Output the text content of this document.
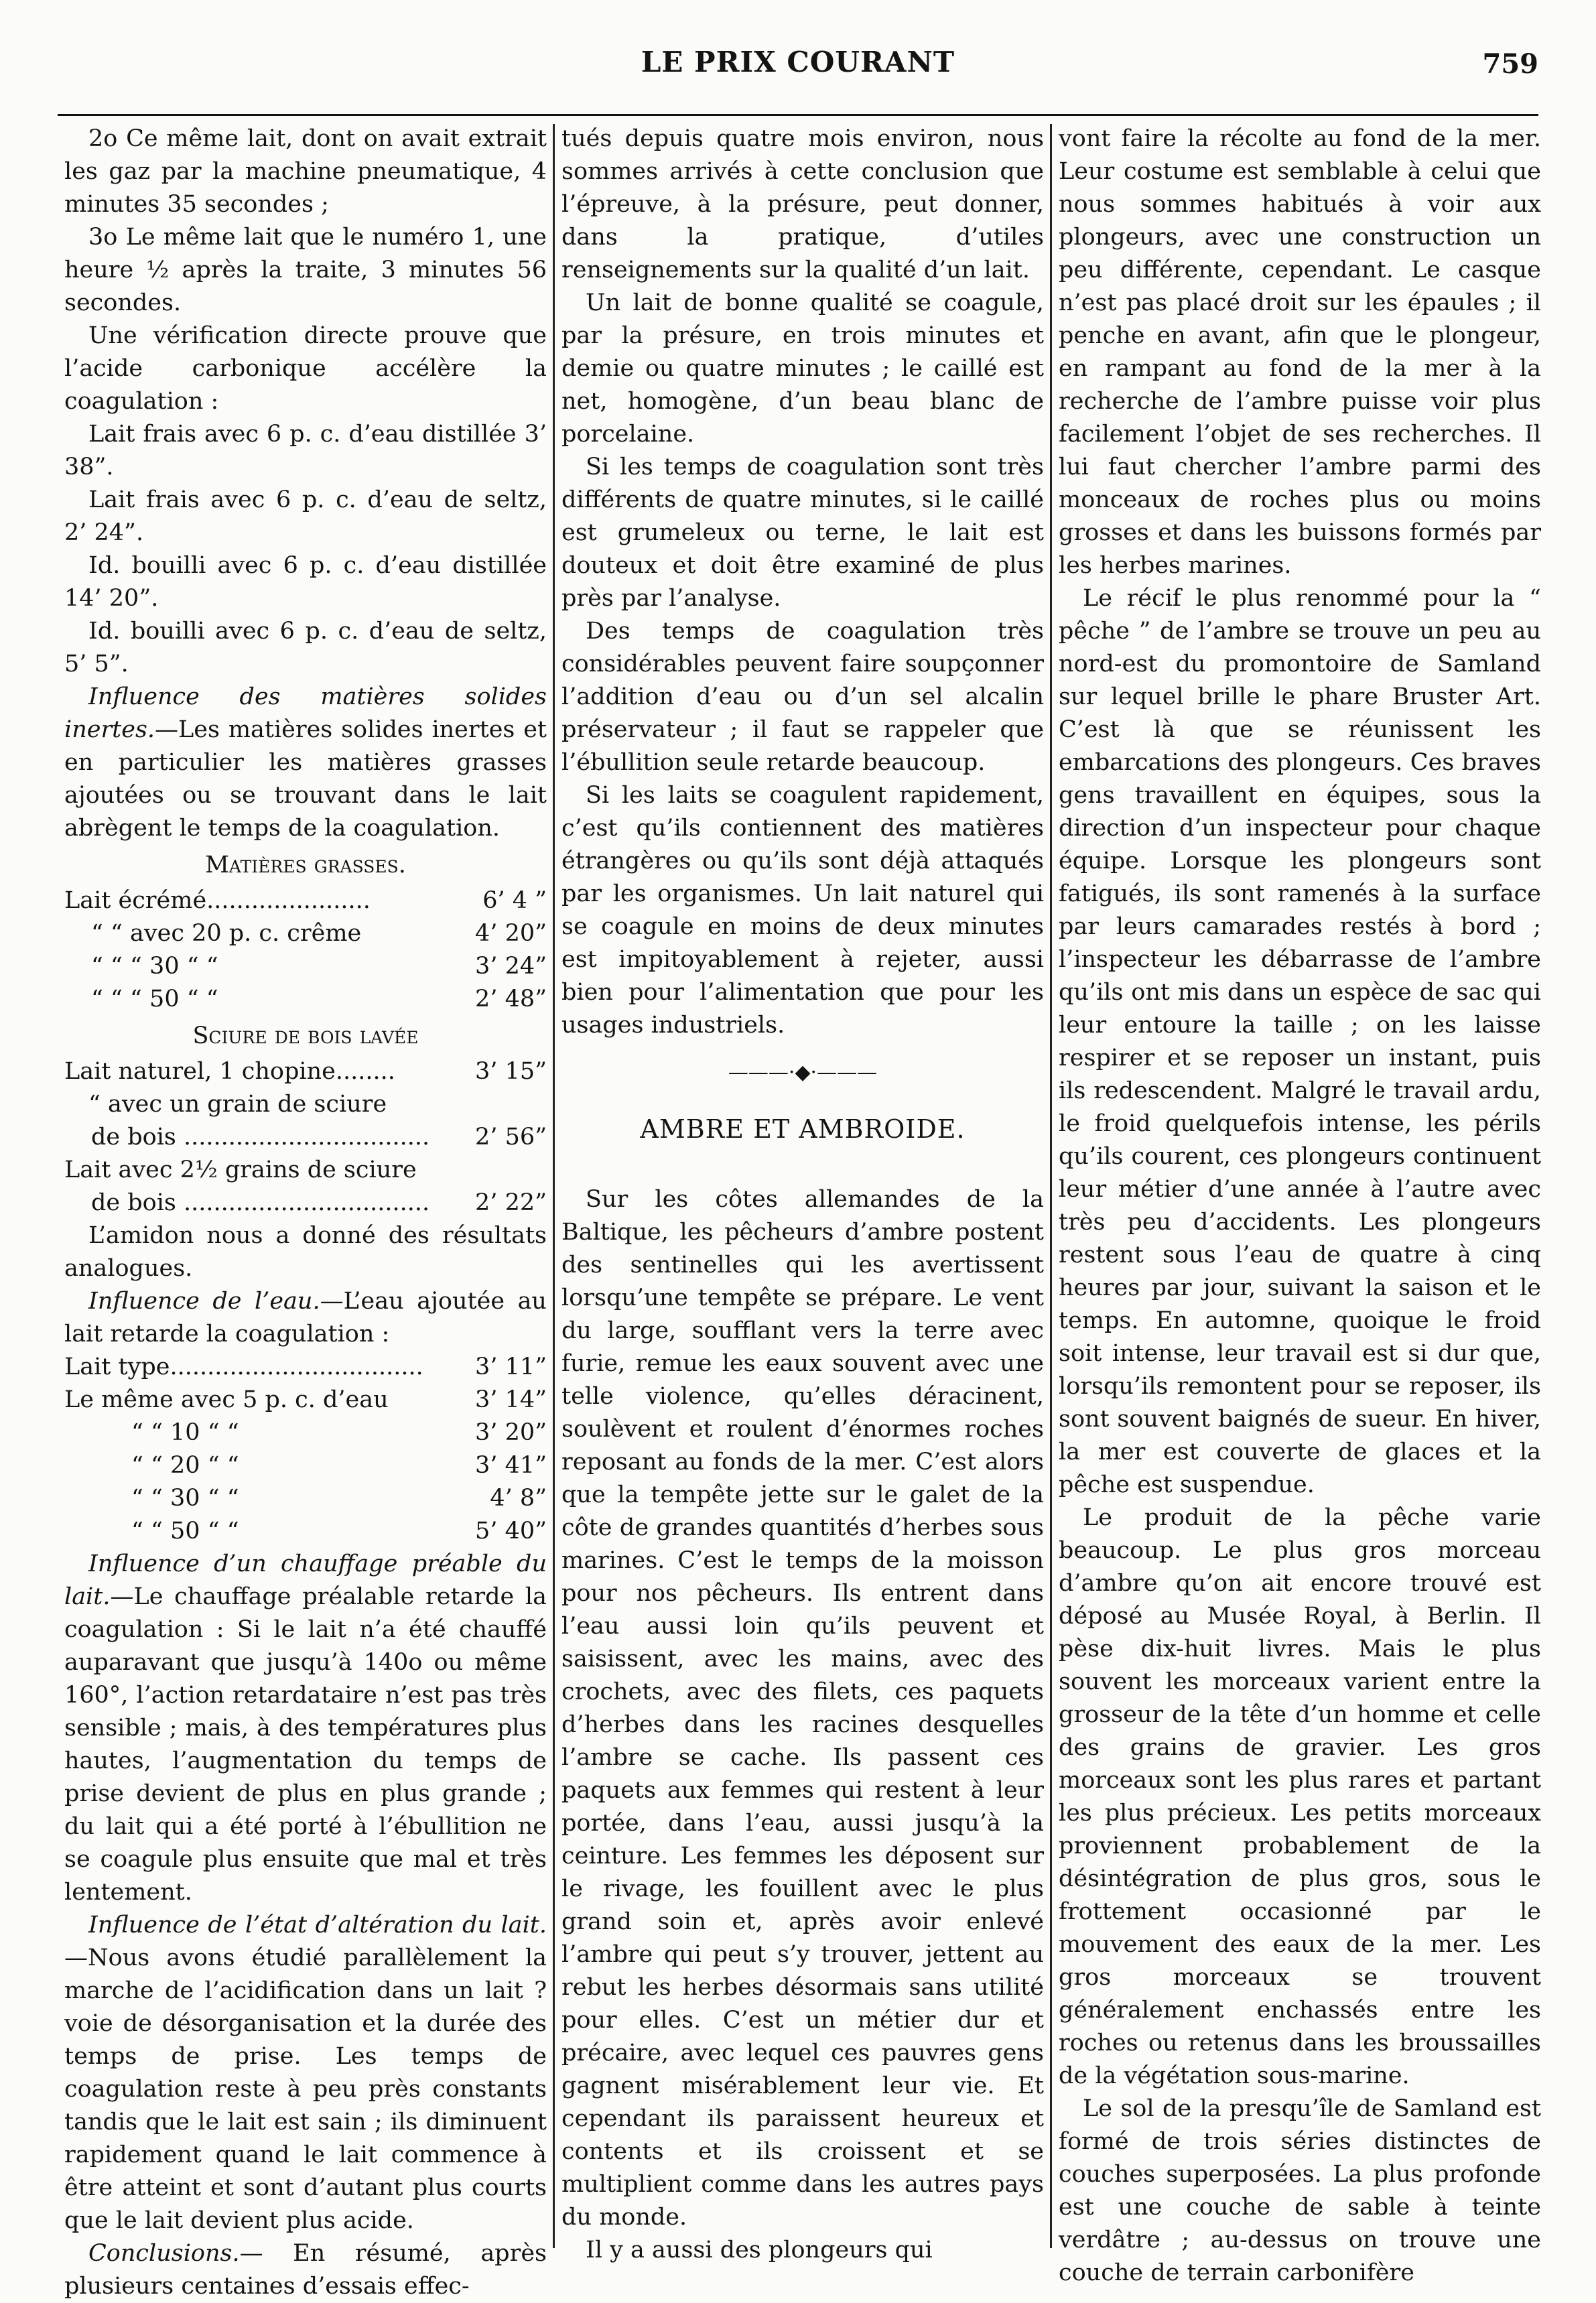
LE PRIX COURANT	759

2o Ce même lait, dont on avait extrait les gaz par la machine pneumatique, 4 minutes 35 secondes ;

3o Le même lait que le numéro 1, une heure ½ après la traite, 3 minutes 56 secondes.

Une vérification directe prouve que l’acide carbonique accélère la coagulation :

Lait frais avec 6 p. c. d’eau distillée 3’ 38”.

Lait frais avec 6 p. c. d’eau de seltz, 2’ 24”.

Id. bouilli avec 6 p. c. d’eau distillée 14’ 20”.

Id. bouilli avec 6 p. c. d’eau de seltz, 5’ 5”.

Influence des matières solides inertes.—Les matières solides inertes et en particulier les matières grasses ajoutées ou se trouvant dans le lait abrègent le temps de la coagulation.

Matières grasses.

Lait écrémé......................	6’ 4 ”
“ “ avec 20 p. c. crême	4’ 20”
“ “ “ 30 “ “	3’ 24”
“ “ “ 50 “ “	2’ 48”

Sciure de bois lavée

Lait naturel, 1 chopine........	3’ 15”

“ avec un grain de sciure

de bois ................................. 2’ 56”

Lait avec 2½ grains de sciure

de bois ................................. 2’ 22”

L’amidon nous a donné des résultats analogues.

Influence de l’eau.—L’eau ajoutée au lait retarde la coagulation :

Lait type.................................. 3’ 11”
Le même avec 5 p. c. d’eau	3’ 14”
“ “ 10 “ “	3’ 20”
“ “ 20 “ “	3’ 41”
“ “ 30 “ “	4’ 8”
“ “ 50 “ “	5’ 40”

Influence d’un chauffage préable du lait.—Le chauffage préalable retarde la coagulation : Si le lait n’a été chauffé auparavant que jusqu’à 140o ou même 160°, l’action retardataire n’est pas très sensible ; mais, à des températures plus hautes, l’augmentation du temps de prise devient de plus en plus grande ; du lait qui a été porté à l’ébullition ne se coagule plus ensuite que mal et très lentement.

Influence de l’état d’altération du lait.—Nous avons étudié parallèlement la marche de l’acidification dans un lait ? voie de désorganisation et la durée des temps de prise. Les temps de coagulation reste à peu près constants tandis que le lait est sain ; ils diminuent rapidement quand le lait commence à être atteint et sont d’autant plus courts que le lait devient plus acide.

Conclusions.— En résumé, après plusieurs centaines d’essais effec-

tués depuis quatre mois environ, nous sommes arrivés à cette conclusion que l’épreuve, à la présure, peut donner, dans la pratique, d’utiles renseignements sur la qualité d’un lait.

Un lait de bonne qualité se coagule, par la présure, en trois minutes et demie ou quatre minutes ; le caillé est net, homogène, d’un beau blanc de porcelaine.

Si les temps de coagulation sont très différents de quatre minutes, si le caillé est grumeleux ou terne, le lait est douteux et doit être examiné de plus près par l’analyse.

Des temps de coagulation très considérables peuvent faire soupçonner l’addition d’eau ou d’un sel alcalin préservateur ; il faut se rappeler que l’ébullition seule retarde beaucoup.

Si les laits se coagulent rapidement, c’est qu’ils contiennent des matières étrangères ou qu’ils sont déjà attaqués par les organismes. Un lait naturel qui se coagule en moins de deux minutes est impitoyablement à rejeter, aussi bien pour l’alimentation que pour les usages industriels.

———·◆·———

AMBRE ET AMBROIDE.

Sur les côtes allemandes de la Baltique, les pêcheurs d’ambre postent des sentinelles qui les avertissent lorsqu’une tempête se prépare. Le vent du large, soufflant vers la terre avec furie, remue les eaux souvent avec une telle violence, qu’elles déracinent, soulèvent et roulent d’énormes roches reposant au fonds de la mer. C’est alors que la tempête jette sur le galet de la côte de grandes quantités d’herbes sous marines. C’est le temps de la moisson pour nos pêcheurs. Ils entrent dans l’eau aussi loin qu’ils peuvent et saisissent, avec les mains, avec des crochets, avec des filets, ces paquets d’herbes dans les racines desquelles l’ambre se cache. Ils passent ces paquets aux femmes qui restent à leur portée, dans l’eau, aussi jusqu’à la ceinture. Les femmes les déposent sur le rivage, les fouillent avec le plus grand soin et, après avoir enlevé l’ambre qui peut s’y trouver, jettent au rebut les herbes désormais sans utilité pour elles. C’est un métier dur et précaire, avec lequel ces pauvres gens gagnent misérablement leur vie. Et cependant ils paraissent heureux et contents et ils croissent et se multiplient comme dans les autres pays du monde.

Il y a aussi des plongeurs qui

vont faire la récolte au fond de la mer. Leur costume est semblable à celui que nous sommes habitués à voir aux plongeurs, avec une construction un peu différente, cependant. Le casque n’est pas placé droit sur les épaules ; il penche en avant, afin que le plongeur, en rampant au fond de la mer à la recherche de l’ambre puisse voir plus facilement l’objet de ses recherches. Il lui faut chercher l’ambre parmi des monceaux de roches plus ou moins grosses et dans les buissons formés par les herbes marines.

Le récif le plus renommé pour la “ pêche ” de l’ambre se trouve un peu au nord-est du promontoire de Samland sur lequel brille le phare Bruster Art. C’est là que se réunissent les embarcations des plongeurs. Ces braves gens travaillent en équipes, sous la direction d’un inspecteur pour chaque équipe. Lorsque les plongeurs sont fatigués, ils sont ramenés à la surface par leurs camarades restés à bord ; l’inspecteur les débarrasse de l’ambre qu’ils ont mis dans un espèce de sac qui leur entoure la taille ; on les laisse respirer et se reposer un instant, puis ils redescendent. Malgré le travail ardu, le froid quelquefois intense, les périls qu’ils courent, ces plongeurs continuent leur métier d’une année à l’autre avec très peu d’accidents. Les plongeurs restent sous l’eau de quatre à cinq heures par jour, suivant la saison et le temps. En automne, quoique le froid soit intense, leur travail est si dur que, lorsqu’ils remontent pour se reposer, ils sont souvent baignés de sueur. En hiver, la mer est couverte de glaces et la pêche est suspendue.

Le produit de la pêche varie beaucoup. Le plus gros morceau d’ambre qu’on ait encore trouvé est déposé au Musée Royal, à Berlin. Il pèse dix-huit livres. Mais le plus souvent les morceaux varient entre la grosseur de la tête d’un homme et celle des grains de gravier. Les gros morceaux sont les plus rares et partant les plus précieux. Les petits morceaux proviennent probablement de la désintégration de plus gros, sous le frottement occasionné par le mouvement des eaux de la mer. Les gros morceaux se trouvent généralement enchassés entre les roches ou retenus dans les broussailles de la végétation sous-marine.

Le sol de la presqu’île de Samland est formé de trois séries distinctes de couches superposées. La plus profonde est une couche de sable à teinte verdâtre ; au-dessus on trouve une couche de terrain carbonifère
